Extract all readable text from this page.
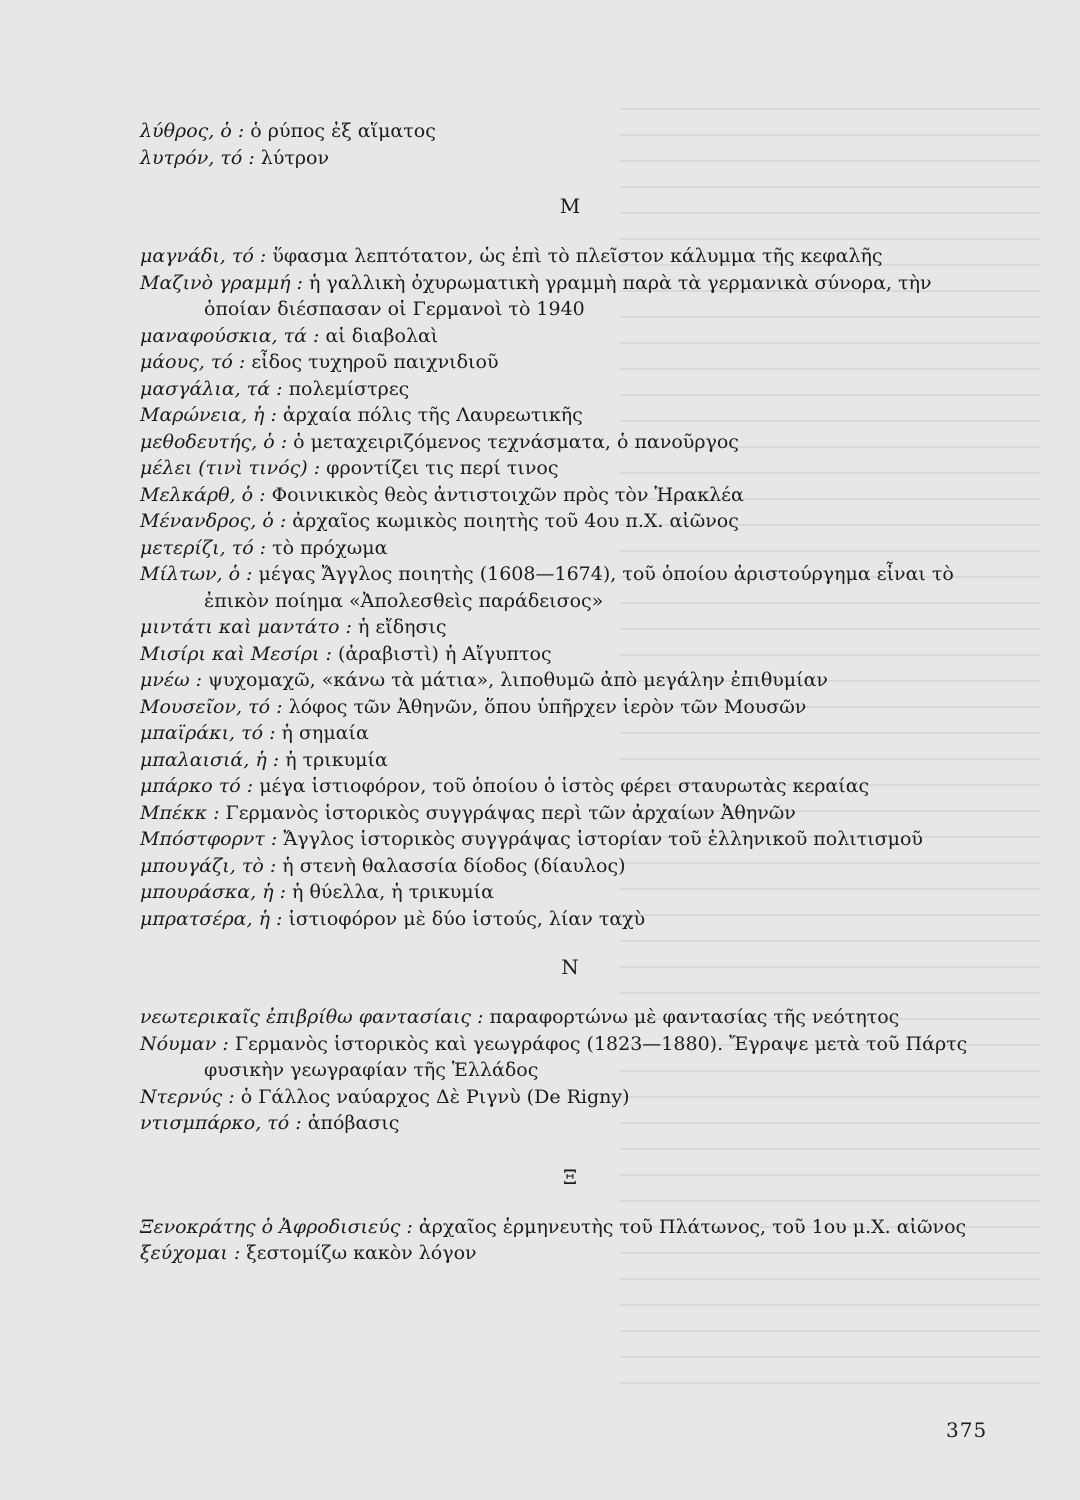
λύθρος, ὁ : ὁ ρύπος ἐξ αἵματος

λυτρόν, τό : λύτρον

Μ

μαγνάδι, τό : ὕφασμα λεπτότατον, ὡς ἐπὶ τὸ πλεῖστον κάλυμμα τῆς κεφαλῆς

Μαζινὸ γραμμή : ἡ γαλλικὴ ὀχυρωματικὴ γραμμὴ παρὰ τὰ γερμανικὰ σύνορα, τὴν ὁποίαν διέσπασαν οἱ Γερμανοὶ τὸ 1940

μαναφούσκια, τά : αἱ διαβολαὶ

μάους, τό : εἶδος τυχηροῦ παιχνιδιοῦ

μασγάλια, τά : πολεμίστρες

Μαρώνεια, ἡ : ἀρχαία πόλις τῆς Λαυρεωτικῆς

μεθοδευτής, ὁ : ὁ μεταχειριζόμενος τεχνάσματα, ὁ πανοῦργος

μέλει (τινὶ τινός) : φροντίζει τις περί τινος

Μελκάρθ, ὁ : Φοινικικὸς θεὸς ἀντιστοιχῶν πρὸς τὸν Ἡρακλέα

Μένανδρος, ὁ : ἀρχαῖος κωμικὸς ποιητὴς τοῦ 4ου π.Χ. αἰῶνος

μετερίζι, τό : τὸ πρόχωμα

Μίλτων, ὁ : μέγας Ἄγγλος ποιητὴς (1608—1674), τοῦ ὁποίου ἀριστούργημα εἶναι τὸ ἐπικὸν ποίημα «Ἀπολεσθεὶς παράδεισος»

μιντάτι καὶ μαντάτο : ἡ εἴδησις

Μισίρι καὶ Μεσίρι : (ἀραβιστὶ) ἡ Αἴγυπτος

μνέω : ψυχομαχῶ, «κάνω τὰ μάτια», λιποθυμῶ ἀπὸ μεγάλην ἐπιθυμίαν

Μουσεῖον, τό : λόφος τῶν Ἀθηνῶν, ὅπου ὑπῆρχεν ἱερὸν τῶν Μουσῶν

μπαϊράκι, τό : ἡ σημαία

μπαλαισιά, ἡ : ἡ τρικυμία

μπάρκο τό : μέγα ἱστιοφόρον, τοῦ ὁποίου ὁ ἱστὸς φέρει σταυρωτὰς κεραίας

Μπέκκ : Γερμανὸς ἱστορικὸς συγγράψας περὶ τῶν ἀρχαίων Ἀθηνῶν

Μπόστφορντ : Ἄγγλος ἱστορικὸς συγγράψας ἱστορίαν τοῦ ἑλληνικοῦ πολιτισμοῦ

μπουγάζι, τὸ : ἡ στενὴ θαλασσία δίοδος (δίαυλος)

μπουράσκα, ἡ : ἡ θύελλα, ἡ τρικυμία

μπρατσέρα, ἡ : ἱστιοφόρον μὲ δύο ἱστούς, λίαν ταχὺ

Ν

νεωτερικαῖς ἐπιβρίθω φαντασίαις : παραφορτώνω μὲ φαντασίας τῆς νεότητος

Νόυμαν : Γερμανὸς ἱστορικὸς καὶ γεωγράφος (1823—1880). Ἔγραψε μετὰ τοῦ Πάρτς φυσικὴν γεωγραφίαν τῆς Ἑλλάδος

Ντερνύς : ὁ Γάλλος ναύαρχος Δὲ Ριγνὺ (De Rigny)

ντισμπάρκο, τό : ἀπόβασις

Ξ

Ξενοκράτης ὁ Ἀφροδισιεύς : ἀρχαῖος ἑρμηνευτὴς τοῦ Πλάτωνος, τοῦ 1ου μ.Χ. αἰῶνος

ξεύχομαι : ξεστομίζω κακὸν λόγον

375
